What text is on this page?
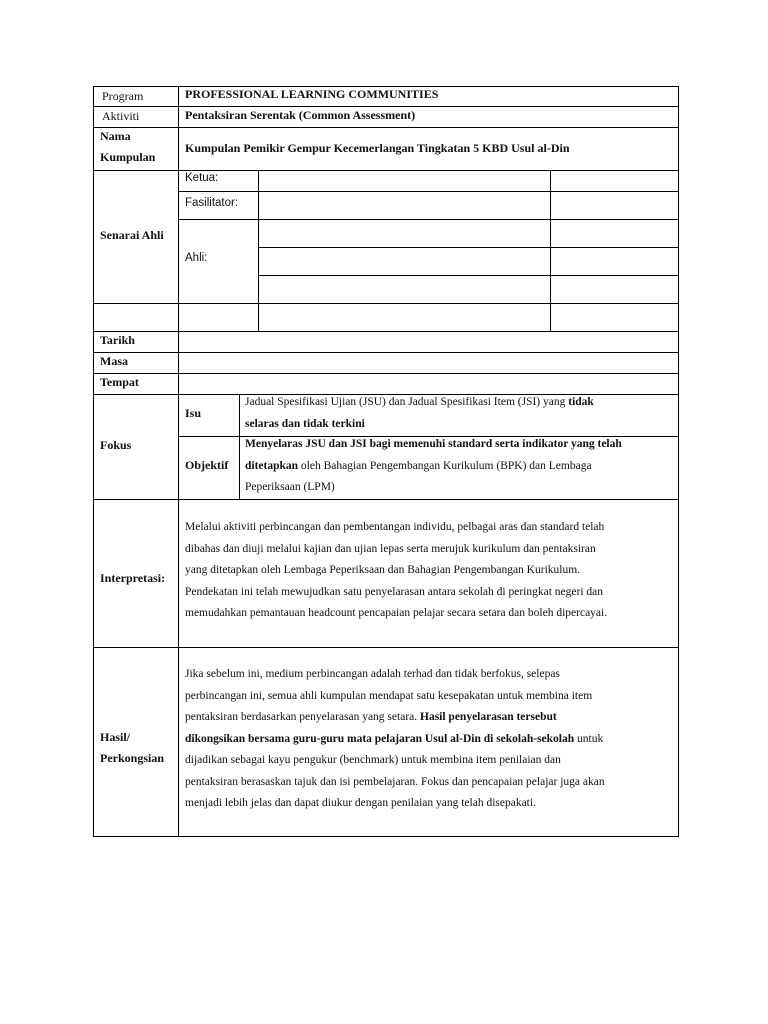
Program	PROFESSIONAL LEARNING COMMUNITIES
Aktiviti	Pentaksiran Serentak (Common Assessment)
Nama
Kumpulan
Kumpulan Pemikir Gempur Kecemerlangan Tingkatan 5 KBD Usul al-Din
Senarai Ahli
Ketua:
Fasilitator:
Ahli:
Tarikh
Masa
Tempat
Fokus
Isu
Jadual Spesifikasi Ujian (JSU) dan Jadual Spesifikasi Item (JSI) yang tidak
selaras dan tidak terkini
Objektif
Menyelaras JSU dan JSI bagi memenuhi standard serta indikator yang telah
ditetapkan oleh Bahagian Pengembangan Kurikulum (BPK) dan Lembaga
Peperiksaan (LPM)
Interpretasi:
Melalui aktiviti perbincangan dan pembentangan individu, pelbagai aras dan standard telah
dibahas dan diuji melalui kajian dan ujian lepas serta merujuk kurikulum dan pentaksiran
yang ditetapkan oleh Lembaga Peperiksaan dan Bahagian Pengembangan Kurikulum.
Pendekatan ini telah mewujudkan satu penyelarasan antara sekolah di peringkat negeri dan
memudahkan pemantauan headcount pencapaian pelajar secara setara dan boleh dipercayai.
Hasil/
Perkongsian
Jika sebelum ini, medium perbincangan adalah terhad dan tidak berfokus, selepas
perbincangan ini, semua ahli kumpulan mendapat satu kesepakatan untuk membina item
pentaksiran berdasarkan penyelarasan yang setara. Hasil penyelarasan tersebut
dikongsikan bersama guru-guru mata pelajaran Usul al-Din di sekolah-sekolah untuk
dijadikan sebagai kayu pengukur (benchmark) untuk membina item penilaian dan
pentaksiran berasaskan tajuk dan isi pembelajaran. Fokus dan pencapaian pelajar juga akan
menjadi lebih jelas dan dapat diukur dengan penilaian yang telah disepakati.
